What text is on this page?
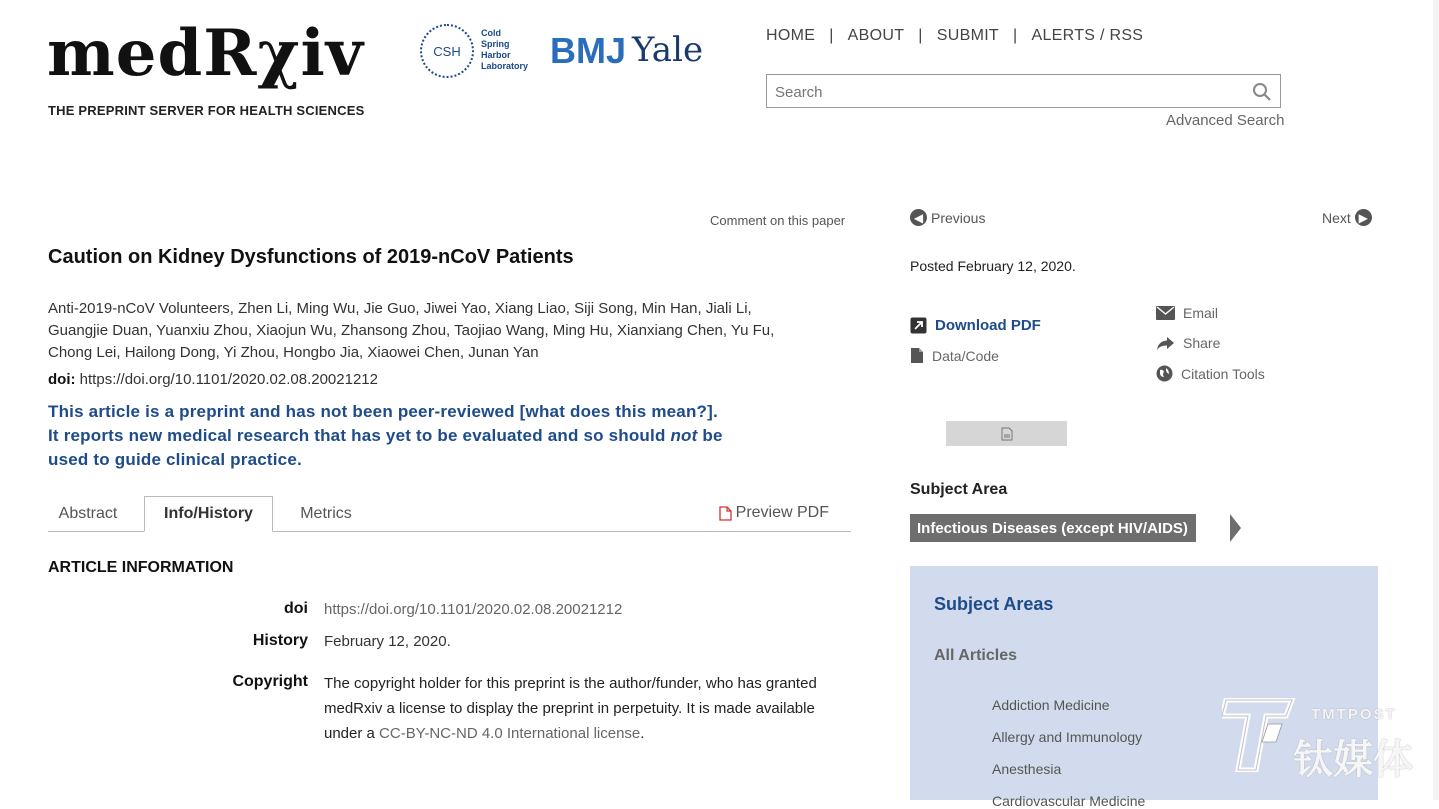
medRχiv
THE PREPRINT SERVER FOR HEALTH SCIENCES
CSH
Cold
Spring
Harbor
Laboratory BMJ Yale	HOME | ABOUT | SUBMIT | ALERTS / RSS
Search
Advanced Search
Comment on this paper
Caution on Kidney Dysfunctions of 2019-nCoV Patients
Anti-2019-nCoV Volunteers, Zhen Li, Ming Wu, Jie Guo, Jiwei Yao, Xiang Liao, Siji Song, Min Han, Jiali Li,
Guangjie Duan, Yuanxiu Zhou, Xiaojun Wu, Zhansong Zhou, Taojiao Wang, Ming Hu, Xianxiang Chen, Yu Fu,
Chong Lei, Hailong Dong, Yi Zhou, Hongbo Jia, Xiaowei Chen, Junan Yan
doi: https://doi.org/10.1101/2020.02.08.20021212
This article is a preprint and has not been peer-reviewed [what does this mean?].
It reports new medical research that has yet to be evaluated and so should not be
used to guide clinical practice.
Abstract	Info/History	Metrics	Preview PDF
ARTICLE INFORMATION
doi https://doi.org/10.1101/2020.02.08.20021212
History February 12, 2020.
Copyright The copyright holder for this preprint is the author/funder, who has granted
medRxiv a license to display the preprint in perpetuity. It is made available
under a CC-BY-NC-ND 4.0 International license.
◀ Previous	Next ▶
Posted February 12, 2020.
Download PDF
Data/Code
Email
Share
Citation Tools
Subject Area
Infectious Diseases (except HIV/AIDS)
Subject Areas
All Articles
Addiction Medicine
Allergy and Immunology
Anesthesia
Cardiovascular Medicine
TMTPOST
钛媒体
